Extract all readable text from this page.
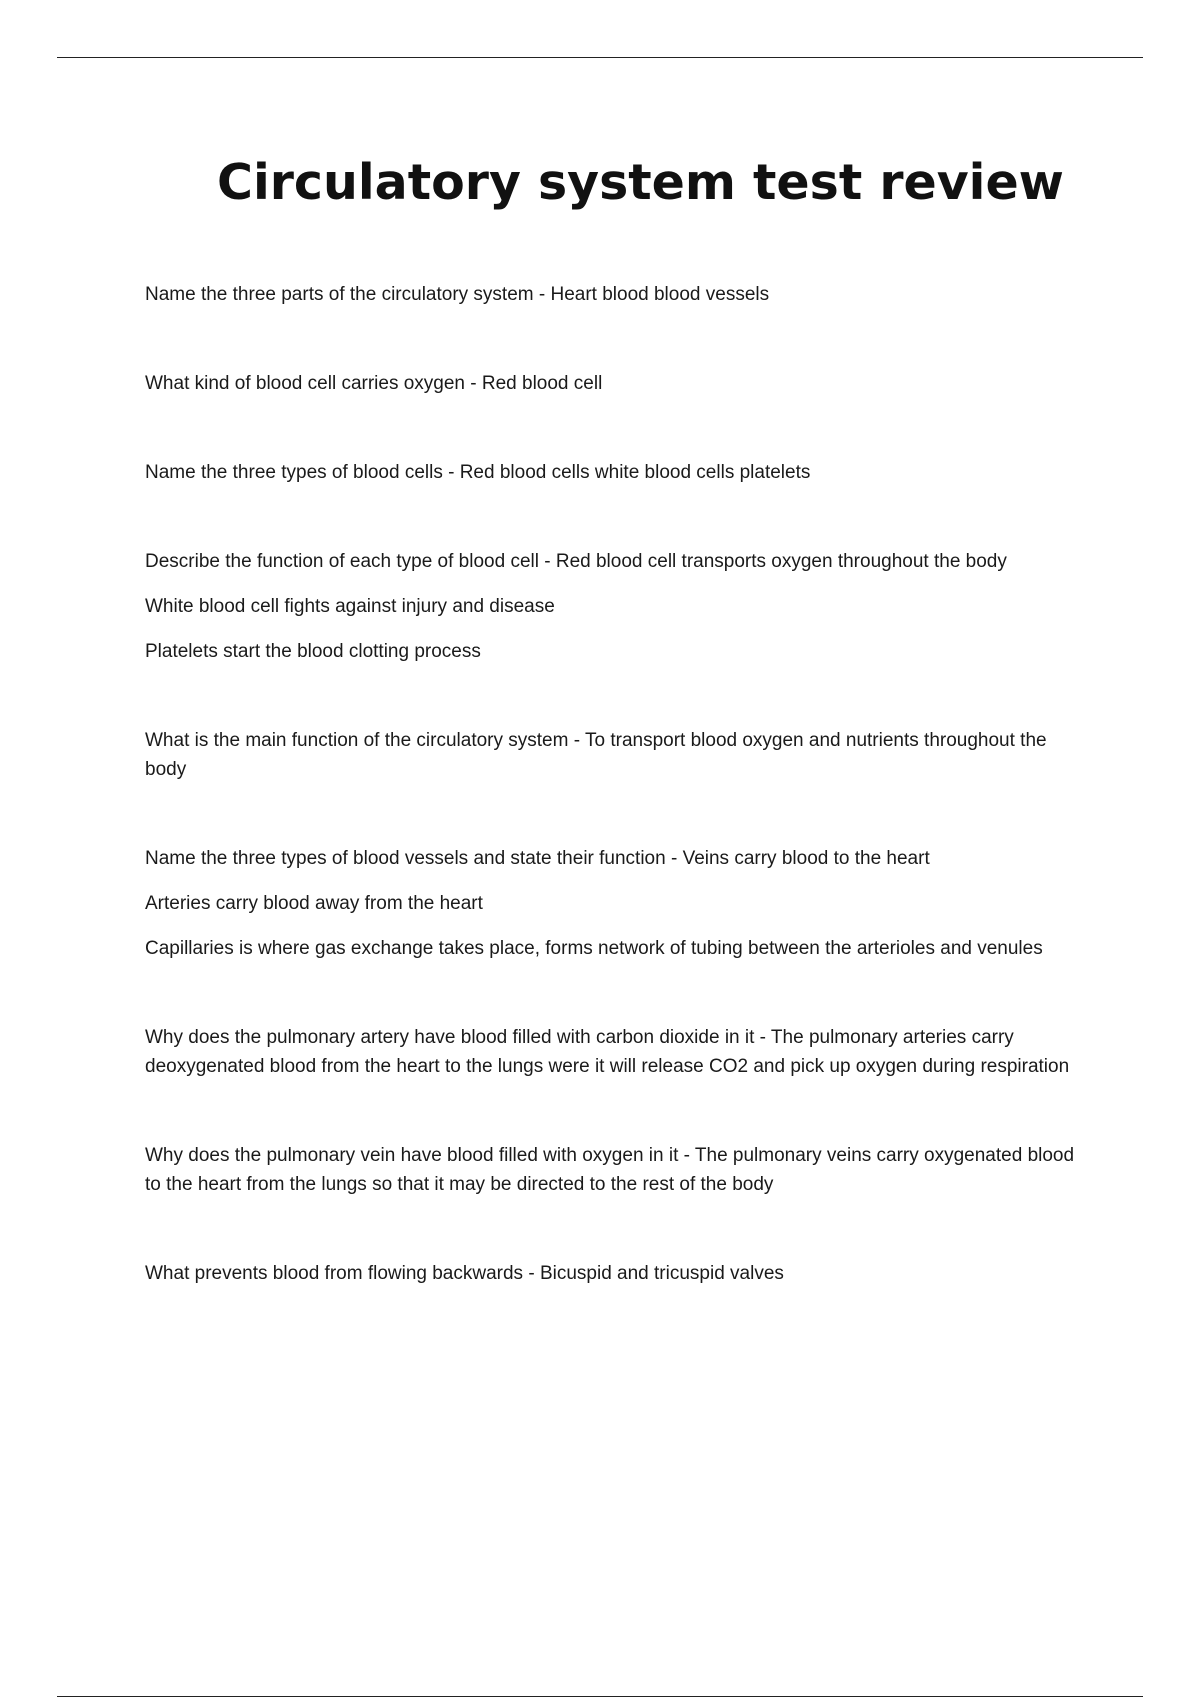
Circulatory system test review

Name the three parts of the circulatory system - Heart blood blood vessels

What kind of blood cell carries oxygen - Red blood cell

Name the three types of blood cells - Red blood cells white blood cells platelets

Describe the function of each type of blood cell - Red blood cell transports oxygen throughout the body

White blood cell fights against injury and disease

Platelets start the blood clotting process

What is the main function of the circulatory system - To transport blood oxygen and nutrients throughout the body

Name the three types of blood vessels and state their function - Veins carry blood to the heart

Arteries carry blood away from the heart

Capillaries is where gas exchange takes place, forms network of tubing between the arterioles and venules

Why does the pulmonary artery have blood filled with carbon dioxide in it - The pulmonary arteries carry deoxygenated blood from the heart to the lungs were it will release CO2 and pick up oxygen during respiration

Why does the pulmonary vein have blood filled with oxygen in it - The pulmonary veins carry oxygenated blood to the heart from the lungs so that it may be directed to the rest of the body

What prevents blood from flowing backwards - Bicuspid and tricuspid valves
